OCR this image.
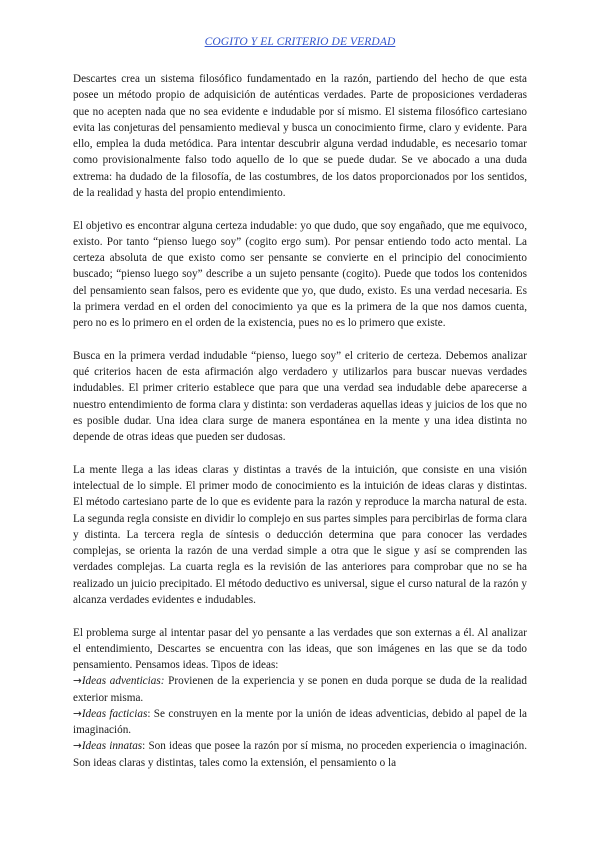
COGITO Y EL CRITERIO DE VERDAD

Descartes crea un sistema filosófico fundamentado en la razón, partiendo del hecho de que esta posee un método propio de adquisición de auténticas verdades. Parte de proposiciones verdaderas que no acepten nada que no sea evidente e indudable por sí mismo. El sistema filosófico cartesiano evita las conjeturas del pensamiento medieval y busca un conocimiento firme, claro y evidente. Para ello, emplea la duda metódica. Para intentar descubrir alguna verdad indudable, es necesario tomar como provisionalmente falso todo aquello de lo que se puede dudar. Se ve abocado a una duda extrema: ha dudado de la filosofía, de las costumbres, de los datos proporcionados por los sentidos, de la realidad y hasta del propio entendimiento.

El objetivo es encontrar alguna certeza indudable: yo que dudo, que soy engañado, que me equivoco, existo. Por tanto “pienso luego soy” (cogito ergo sum). Por pensar entiendo todo acto mental. La certeza absoluta de que existo como ser pensante se convierte en el principio del conocimiento buscado; “pienso luego soy” describe a un sujeto pensante (cogito). Puede que todos los contenidos del pensamiento sean falsos, pero es evidente que yo, que dudo, existo. Es una verdad necesaria. Es la primera verdad en el orden del conocimiento ya que es la primera de la que nos damos cuenta, pero no es lo primero en el orden de la existencia, pues no es lo primero que existe.

Busca en la primera verdad indudable “pienso, luego soy” el criterio de certeza. Debemos analizar qué criterios hacen de esta afirmación algo verdadero y utilizarlos para buscar nuevas verdades indudables. El primer criterio establece que para que una verdad sea indudable debe aparecerse a nuestro entendimiento de forma clara y distinta: son verdaderas aquellas ideas y juicios de los que no es posible dudar. Una idea clara surge de manera espontánea en la mente y una idea distinta no depende de otras ideas que pueden ser dudosas.

La mente llega a las ideas claras y distintas a través de la intuición, que consiste en una visión intelectual de lo simple. El primer modo de conocimiento es la intuición de ideas claras y distintas. El método cartesiano parte de lo que es evidente para la razón y reproduce la marcha natural de esta. La segunda regla consiste en dividir lo complejo en sus partes simples para percibirlas de forma clara y distinta. La tercera regla de síntesis o deducción determina que para conocer las verdades complejas, se orienta la razón de una verdad simple a otra que le sigue y así se comprenden las verdades complejas. La cuarta regla es la revisión de las anteriores para comprobar que no se ha realizado un juicio precipitado. El método deductivo es universal, sigue el curso natural de la razón y alcanza verdades evidentes e indudables.

El problema surge al intentar pasar del yo pensante a las verdades que son externas a él. Al analizar el entendimiento, Descartes se encuentra con las ideas, que son imágenes en las que se da todo pensamiento. Pensamos ideas. Tipos de ideas:

→Ideas adventicias: Provienen de la experiencia y se ponen en duda porque se duda de la realidad exterior misma.

→Ideas facticias: Se construyen en la mente por la unión de ideas adventicias, debido al papel de la imaginación.

→Ideas innatas: Son ideas que posee la razón por sí misma, no proceden experiencia o imaginación. Son ideas claras y distintas, tales como la extensión, el pensamiento o la
